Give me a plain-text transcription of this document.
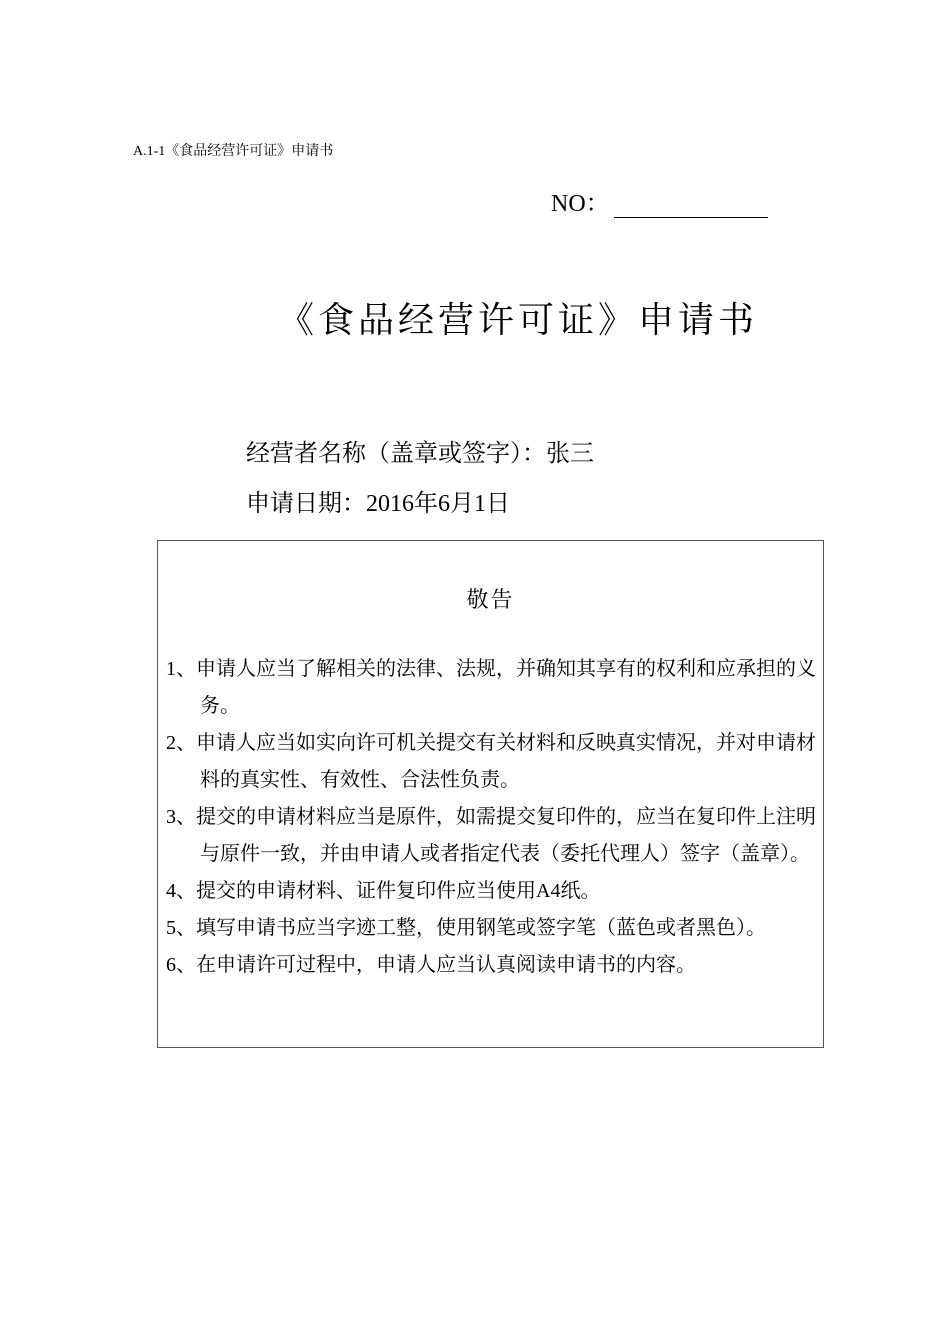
A.1-1《食品经营许可证》申请书
NO：
《食品经营许可证》申请书
经营者名称（盖章或签字）：张三
申请日期：2016年6月1日
敬告
1、申请人应当了解相关的法律、法规，并确知其享有的权利和应承担的义务。
2、申请人应当如实向许可机关提交有关材料和反映真实情况，并对申请材料的真实性、有效性、合法性负责。
3、提交的申请材料应当是原件，如需提交复印件的，应当在复印件上注明与原件一致，并由申请人或者指定代表（委托代理人）签字（盖章）。
4、提交的申请材料、证件复印件应当使用A4纸。
5、填写申请书应当字迹工整，使用钢笔或签字笔（蓝色或者黑色）。
6、在申请许可过程中，申请人应当认真阅读申请书的内容。
